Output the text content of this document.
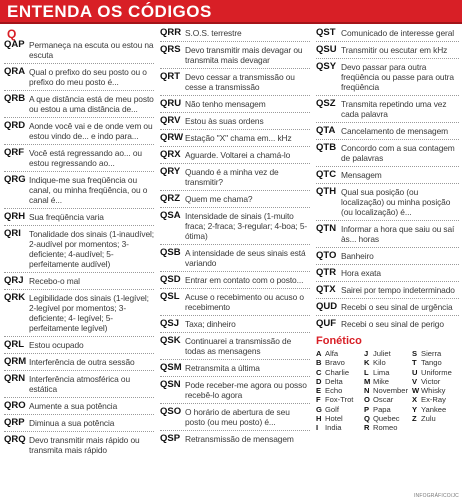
ENTENDA OS CÓDIGOS
Q
QAP Permaneça na escuta ou estou na escuta
QRA Qual o prefixo do seu posto ou o prefixo do meu posto é...
QRB A que distância está de meu posto ou estou a uma distância de...
QRD Aonde você vai e de onde vem ou estou vindo de... e indo para...
QRF Você está regressando ao... ou estou regressando ao...
QRG Indique-me sua freqüência ou canal, ou minha freqüência, ou o canal é...
QRH Sua freqüência varia
QRI Tonalidade dos sinais (1-inaudível; 2-audível por momentos; 3-deficiente; 4-audível; 5-perfeitamente audível)
QRJ Recebo-o mal
QRK Legibilidade dos sinais (1-legível; 2-legível por momentos; 3-deficiente; 4- legível; 5-perfeitamente legível)
QRL Estou ocupado
QRM Interferência de outra sessão
QRN Interferência atmosférica ou estática
QRO Aumente a sua potência
QRP Diminua a sua potência
QRQ Devo transmitir mais rápido ou transmita mais rápido
QRR S.O.S. terrestre
QRS Devo transmitir mais devagar ou transmita mais devagar
QRT Devo cessar a transmissão ou cesse a transmissão
QRU Não tenho mensagem
QRV Estou às suas ordens
QRW Estação "X" chama em... kHz
QRX Aguarde. Voltarei a chamá-lo
QRY Quando é a minha vez de transmitir?
QRZ Quem me chama?
QSA Intensidade de sinais (1-muito fraca; 2-fraca; 3-regular; 4-boa; 5-ótima)
QSB A intensidade de seus sinais está variando
QSD Entrar em contato com o posto...
QSL Acuse o recebimento ou acuso o recebimento
QSJ Taxa; dinheiro
QSK Continuarei a transmissão de todas as mensagens
QSM Retransmita a última
QSN Pode receber-me agora ou posso recebê-lo agora
QSO O horário de abertura de seu posto (ou meu posto) é...
QSP Retransmissão de mensagem
QST Comunicado de interesse geral
QSU Transmitir ou escutar em kHz
QSY Devo passar para outra freqüência ou passe para outra freqüência
QSZ Transmita repetindo uma vez cada palavra
QTA Cancelamento de mensagem
QTB Concordo com a sua contagem de palavras
QTC Mensagem
QTH Qual sua posição (ou localização) ou minha posição (ou localização) é...
QTN Informar a hora que saiu ou saí às... horas
QTO Banheiro
QTR Hora exata
QTX Sairei por tempo indeterminado
QUD Recebi o seu sinal de urgência
QUF Recebi o seu sinal de perigo
Fonético
A Alfa	J Juliet	S Sierra
B Bravo	K Kilo	T Tango
C Charlie	L Lima	U Uniforme
D Delta	M Mike	V Victor
E Echo	N November W Whisky
F Fox-Trot	O Oscar	X Ex-Ray
G Golf	P Papa	Y Yankee
H Hotel	Q Quebec	Z Zulu
I India	R Romeo
INFOGRÁFICO/JC
